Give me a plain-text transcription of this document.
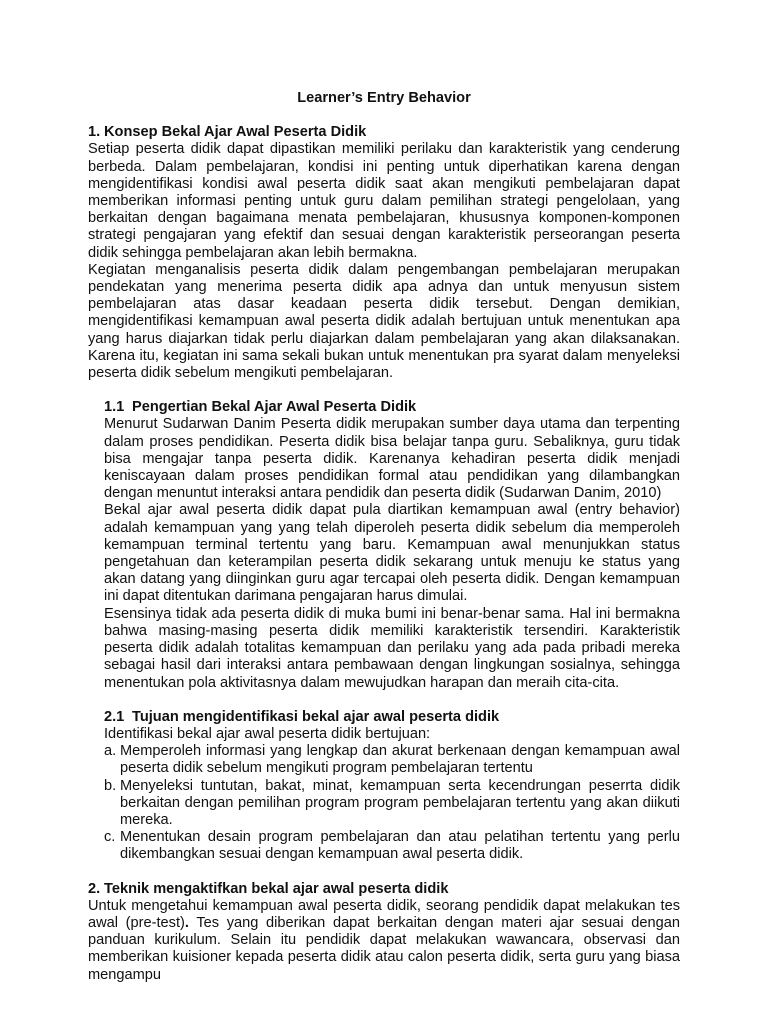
Learner’s Entry Behavior
1. Konsep Bekal Ajar Awal Peserta Didik

Setiap peserta didik dapat dipastikan memiliki perilaku dan karakteristik yang cenderung berbeda. Dalam pembelajaran, kondisi ini penting untuk diperhatikan karena dengan mengidentifikasi kondisi awal peserta didik saat akan mengikuti pembelajaran dapat memberikan informasi penting untuk guru dalam pemilihan strategi pengelolaan, yang berkaitan dengan bagaimana menata pembelajaran, khususnya komponen-komponen strategi pengajaran yang efektif dan sesuai dengan karakteristik perseorangan peserta didik sehingga pembelajaran akan lebih bermakna.

Kegiatan menganalisis peserta didik dalam pengembangan pembelajaran merupakan pendekatan yang menerima peserta didik apa adnya dan untuk menyusun sistem pembelajaran atas dasar keadaan peserta didik tersebut. Dengan demikian, mengidentifikasi kemampuan awal peserta didik adalah bertujuan untuk menentukan apa yang harus diajarkan tidak perlu diajarkan dalam pembelajaran yang akan dilaksanakan. Karena itu, kegiatan ini sama sekali bukan untuk menentukan pra syarat dalam menyeleksi peserta didik sebelum mengikuti pembelajaran.

1.1 Pengertian Bekal Ajar Awal Peserta Didik

Menurut Sudarwan Danim Peserta didik merupakan sumber daya utama dan terpenting dalam proses pendidikan. Peserta didik bisa belajar tanpa guru. Sebaliknya, guru tidak bisa mengajar tanpa peserta didik. Karenanya kehadiran peserta didik menjadi keniscayaan dalam proses pendidikan formal atau pendidikan yang dilambangkan dengan menuntut interaksi antara pendidik dan peserta didik (Sudarwan Danim, 2010)

Bekal ajar awal peserta didik dapat pula diartikan kemampuan awal (entry behavior) adalah kemampuan yang yang telah diperoleh peserta didik sebelum dia memperoleh kemampuan terminal tertentu yang baru. Kemampuan awal menunjukkan status pengetahuan dan keterampilan peserta didik sekarang untuk menuju ke status yang akan datang yang diinginkan guru agar tercapai oleh peserta didik. Dengan kemampuan ini dapat ditentukan darimana pengajaran harus dimulai.

Esensinya tidak ada peserta didik di muka bumi ini benar-benar sama. Hal ini bermakna bahwa masing-masing peserta didik memiliki karakteristik tersendiri. Karakteristik peserta didik adalah totalitas kemampuan dan perilaku yang ada pada pribadi mereka sebagai hasil dari interaksi antara pembawaan dengan lingkungan sosialnya, sehingga menentukan pola aktivitasnya dalam mewujudkan harapan dan meraih cita-cita.

2.1 Tujuan mengidentifikasi bekal ajar awal peserta didik

Identifikasi bekal ajar awal peserta didik bertujuan:

a. Memperoleh informasi yang lengkap dan akurat berkenaan dengan kemampuan awal peserta didik sebelum mengikuti program pembelajaran tertentu
b. Menyeleksi tuntutan, bakat, minat, kemampuan serta kecendrungan peserrta didik berkaitan dengan pemilihan program program pembelajaran tertentu yang akan diikuti mereka.
c. Menentukan desain program pembelajaran dan atau pelatihan tertentu yang perlu dikembangkan sesuai dengan kemampuan awal peserta didik.
2. Teknik mengaktifkan bekal ajar awal peserta didik

Untuk mengetahui kemampuan awal peserta didik, seorang pendidik dapat melakukan tes awal (pre-test). Tes yang diberikan dapat berkaitan dengan materi ajar sesuai dengan panduan kurikulum. Selain itu pendidik dapat melakukan wawancara, observasi dan memberikan kuisioner kepada peserta didik atau calon peserta didik, serta guru yang biasa mengampu
